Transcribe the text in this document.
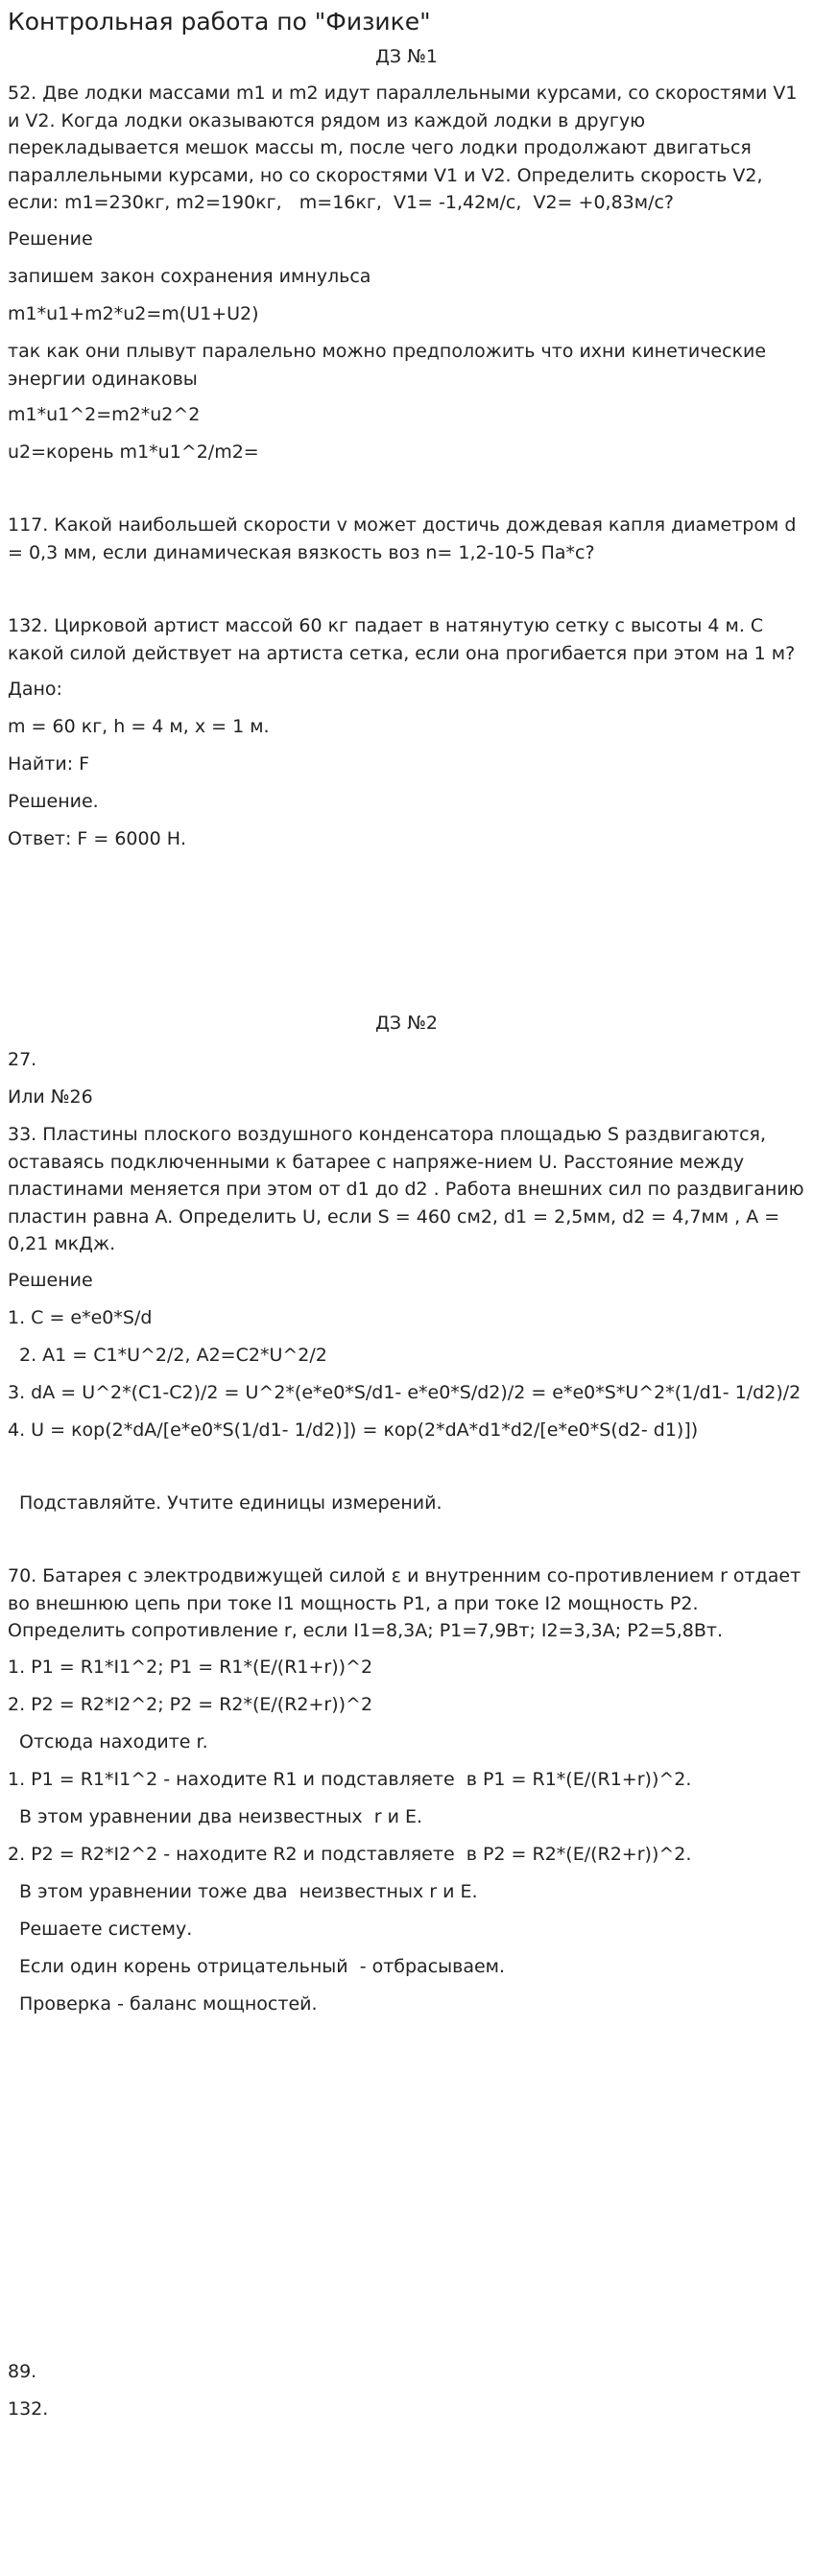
Контрольная работа по "Физике"
ДЗ №1
52. Две лодки массами m1 и m2 идут параллельными курсами, со скоростями V1 и V2. Когда лодки оказываются рядом из каждой лодки в другую перекладывается мешок массы m, после чего лодки продолжают двигаться параллельными курсами, но со скоростями V1 и V2. Определить скорость V2, если: m1=230кг, m2=190кг,   m=16кг,  V1= -1,42м/с,  V2= +0,83м/с?
Решение
запишем закон сохранения имнульса
m1*u1+m2*u2=m(U1+U2)
так как они плывут паралельно можно предположить что ихни кинетические энергии одинаковы
m1*u1^2=m2*u2^2
u2=корень m1*u1^2/m2=
117. Какой наибольшей скорости v может достичь дождевая капля диаметром d = 0,3 мм, если динамическая вязкость воз n= 1,2-10-5 Па*с?
132. Цирковой артист массой 60 кг падает в натянутую сетку с высоты 4 м. С какой силой действует на артиста сетка, если она прогибается при этом на 1 м?
Дано:
m = 60 кг, h = 4 м, x = 1 м.
Найти: F
Решение.
Ответ: F = 6000 Н.
ДЗ №2
27.
Или №26
33. Пластины плоского воздушного конденсатора площадью S раздвигаются, оставаясь подключенными к батарее с напряже-нием U. Расстояние между пластинами меняется при этом от d1 до d2 . Работа внешних сил по раздвиганию пластин равна A. Определить U, если S = 460 см2, d1 = 2,5мм, d2 = 4,7мм , A = 0,21 мкДж.
Решение
1. C = e*e0*S/d
2. A1 = C1*U^2/2, A2=C2*U^2/2
3. dA = U^2*(C1-C2)/2 = U^2*(e*e0*S/d1- e*e0*S/d2)/2 = e*e0*S*U^2*(1/d1- 1/d2)/2
4. U = кор(2*dA/[e*e0*S(1/d1- 1/d2)]) = кор(2*dA*d1*d2/[e*e0*S(d2- d1)])
Подставляйте. Учтите единицы измерений.
70. Батарея с электродвижущей силой ε и внутренним со-противлением r отдает во внешнюю цепь при токе I1 мощность P1, а при токе I2 мощность P2. Определить сопротивление r, если I1=8,3A; P1=7,9Вт; I2=3,3A; P2=5,8Вт.
1. P1 = R1*I1^2; P1 = R1*(E/(R1+r))^2
2. P2 = R2*I2^2; P2 = R2*(E/(R2+r))^2
Отсюда находите r.
1. P1 = R1*I1^2 - находите R1 и подставляете  в P1 = R1*(E/(R1+r))^2.
В этом уравнении два неизвестных  r и E.
2. P2 = R2*I2^2 - находите R2 и подставляете  в P2 = R2*(E/(R2+r))^2.
В этом уравнении тоже два  неизвестных r и E.
Решаете систему.
Если один корень отрицательный  - отбрасываем.
Проверка - баланс мощностей.
89.
132.
